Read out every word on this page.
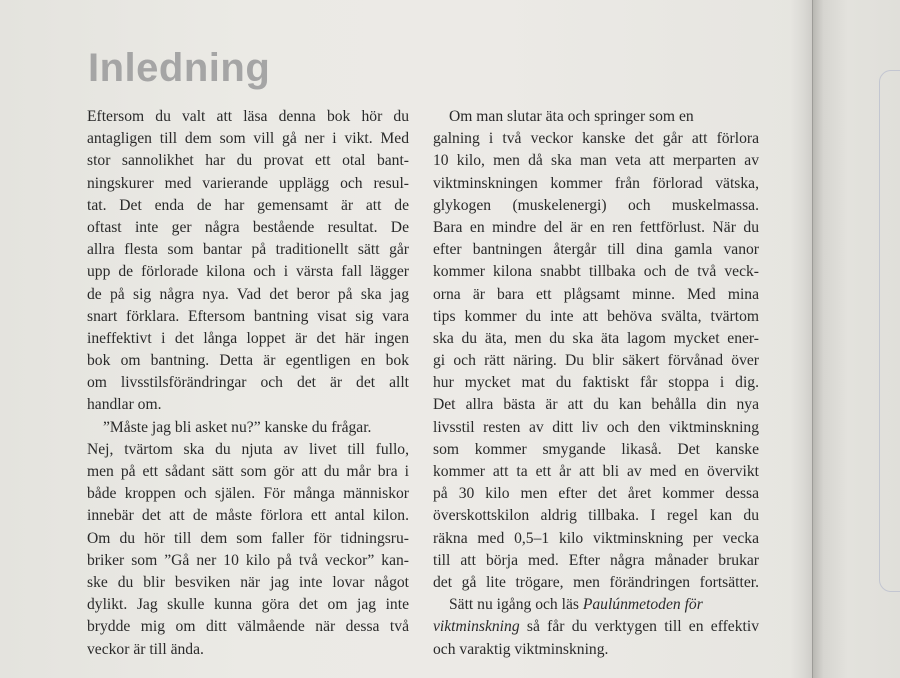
Inledning
Eftersom du valt att läsa denna bok hör du
antagligen till dem som vill gå ner i vikt. Med
stor sannolikhet har du provat ett otal bant-
ningskurer med varierande upplägg och resul-
tat. Det enda de har gemensamt är att de
oftast inte ger några bestående resultat. De
allra flesta som bantar på traditionellt sätt går
upp de förlorade kilona och i värsta fall lägger
de på sig några nya. Vad det beror på ska jag
snart förklara. Eftersom bantning visat sig vara
ineffektivt i det långa loppet är det här ingen
bok om bantning. Detta är egentligen en bok
om livsstilsförändringar och det är det allt
handlar om.
”Måste jag bli asket nu?” kanske du frågar.
Nej, tvärtom ska du njuta av livet till fullo,
men på ett sådant sätt som gör att du mår bra i
både kroppen och själen. För många människor
innebär det att de måste förlora ett antal kilon.
Om du hör till dem som faller för tidningsru-
briker som ”Gå ner 10 kilo på två veckor” kan-
ske du blir besviken när jag inte lovar något
dylikt. Jag skulle kunna göra det om jag inte
brydde mig om ditt välmående när dessa två
veckor är till ända.
Om man slutar äta och springer som en
galning i två veckor kanske det går att förlora
10 kilo, men då ska man veta att merparten av
viktminskningen kommer från förlorad vätska,
glykogen (muskelenergi) och muskelmassa.
Bara en mindre del är en ren fettförlust. När du
efter bantningen återgår till dina gamla vanor
kommer kilona snabbt tillbaka och de två veck-
orna är bara ett plågsamt minne. Med mina
tips kommer du inte att behöva svälta, tvärtom
ska du äta, men du ska äta lagom mycket ener-
gi och rätt näring. Du blir säkert förvånad över
hur mycket mat du faktiskt får stoppa i dig.
Det allra bästa är att du kan behålla din nya
livsstil resten av ditt liv och den viktminskning
som kommer smygande likaså. Det kanske
kommer att ta ett år att bli av med en övervikt
på 30 kilo men efter det året kommer dessa
överskottskilon aldrig tillbaka. I regel kan du
räkna med 0,5–1 kilo viktminskning per vecka
till att börja med. Efter några månader brukar
det gå lite trögare, men förändringen fortsätter.
Sätt nu igång och läs Paulúnmetoden för
viktminskning så får du verktygen till en effektiv
och varaktig viktminskning.
